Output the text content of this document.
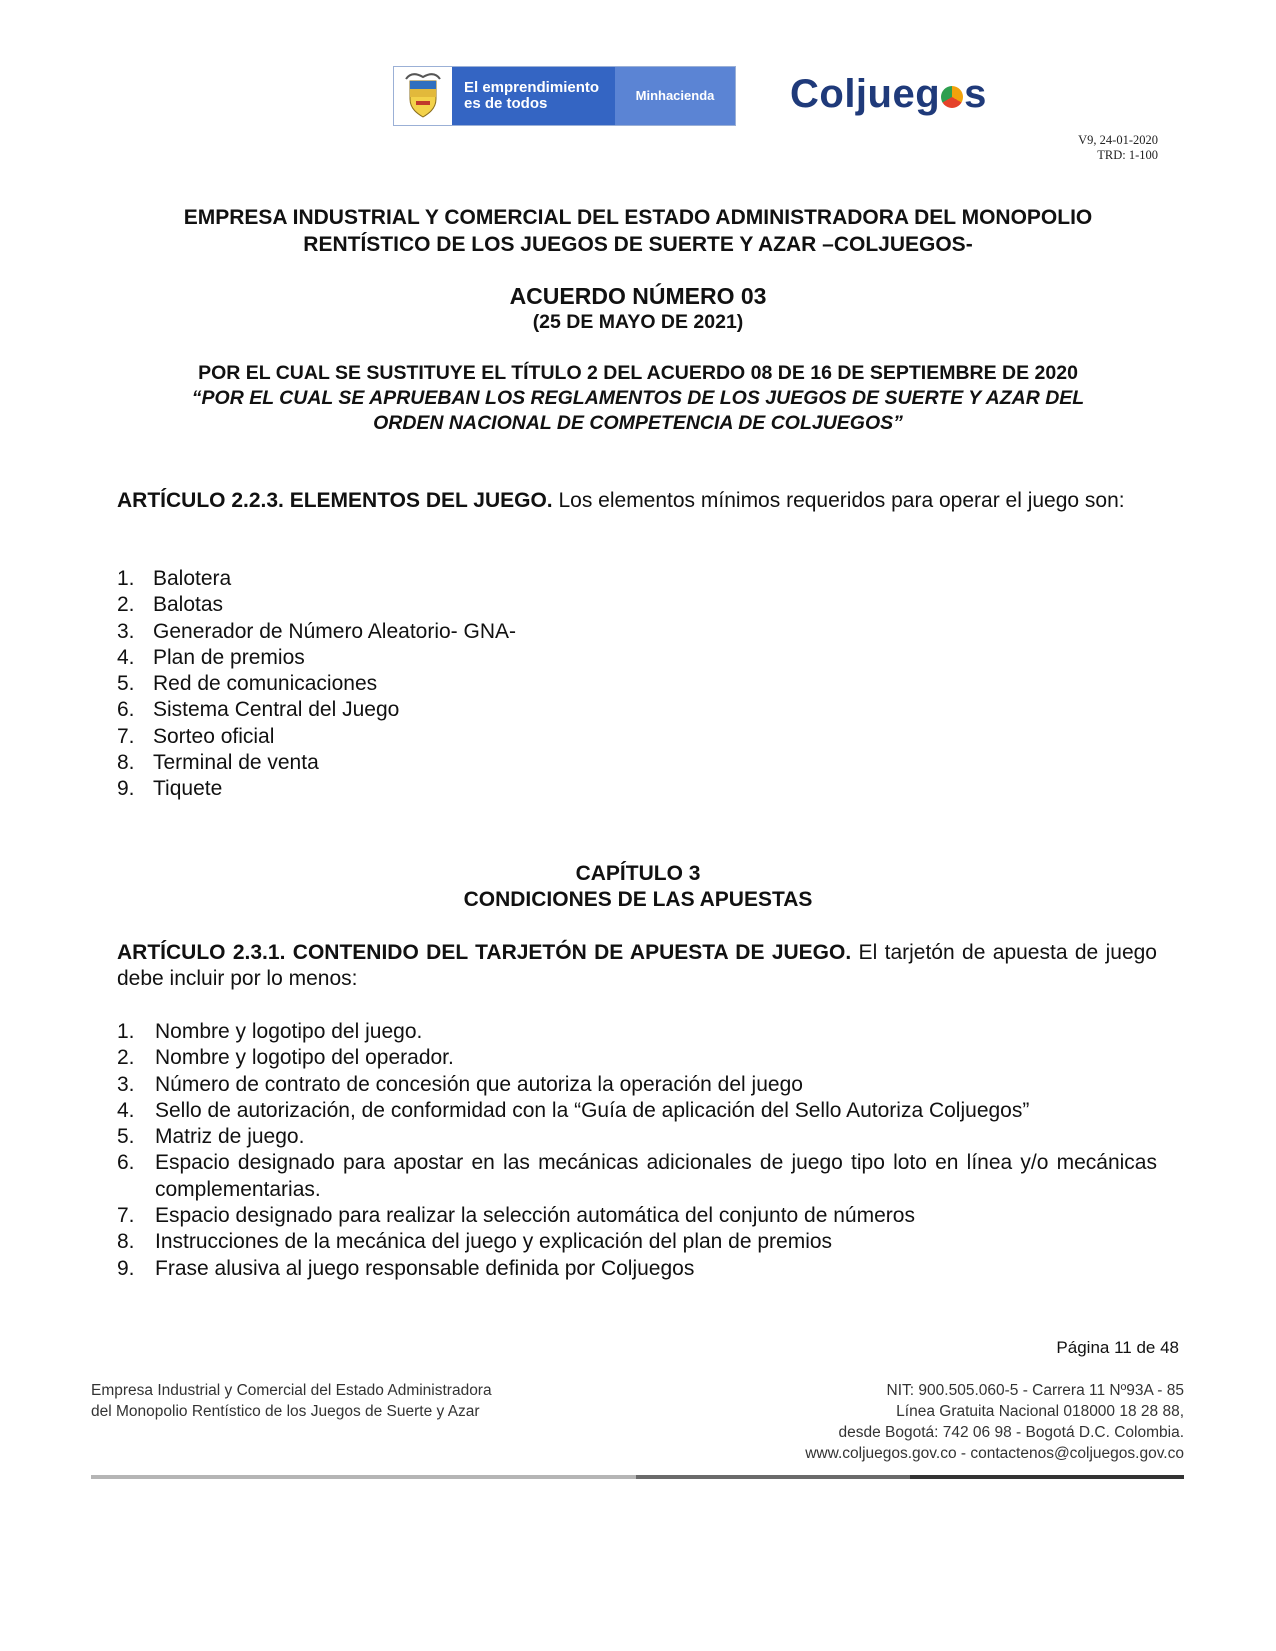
El emprendimiento es de todos	Minhacienda	Coljueg s
V9, 24-01-2020
TRD: 1-100
EMPRESA INDUSTRIAL Y COMERCIAL DEL ESTADO ADMINISTRADORA DEL MONOPOLIO
RENTÍSTICO DE LOS JUEGOS DE SUERTE Y AZAR –COLJUEGOS-
ACUERDO NÚMERO 03
(25 DE MAYO DE 2021)
POR EL CUAL SE SUSTITUYE EL TÍTULO 2 DEL ACUERDO 08 DE 16 DE SEPTIEMBRE DE 2020
“POR EL CUAL SE APRUEBAN LOS REGLAMENTOS DE LOS JUEGOS DE SUERTE Y AZAR DEL
ORDEN NACIONAL DE COMPETENCIA DE COLJUEGOS”
ARTÍCULO 2.2.3. ELEMENTOS DEL JUEGO. Los elementos mínimos requeridos para operar el juego son:
1. Balotera
2. Balotas
3. Generador de Número Aleatorio- GNA-
4. Plan de premios
5. Red de comunicaciones
6. Sistema Central del Juego
7. Sorteo oficial
8. Terminal de venta
9. Tiquete
CAPÍTULO 3
CONDICIONES DE LAS APUESTAS
ARTÍCULO 2.3.1. CONTENIDO DEL TARJETÓN DE APUESTA DE JUEGO. El tarjetón de apuesta de juego debe incluir por lo menos:
1. Nombre y logotipo del juego.
2. Nombre y logotipo del operador.
3. Número de contrato de concesión que autoriza la operación del juego
4. Sello de autorización, de conformidad con la “Guía de aplicación del Sello Autoriza Coljuegos”
5. Matriz de juego.
6. Espacio designado para apostar en las mecánicas adicionales de juego tipo loto en línea y/o mecánicas complementarias.
7. Espacio designado para realizar la selección automática del conjunto de números
8. Instrucciones de la mecánica del juego y explicación del plan de premios
9. Frase alusiva al juego responsable definida por Coljuegos
Página 11 de 48
Empresa Industrial y Comercial del Estado Administradora
del Monopolio Rentístico de los Juegos de Suerte y Azar
NIT: 900.505.060-5 - Carrera 11 Nº93A - 85
Línea Gratuita Nacional 018000 18 28 88,
desde Bogotá: 742 06 98 - Bogotá D.C. Colombia.
www.coljuegos.gov.co - contactenos@coljuegos.gov.co
